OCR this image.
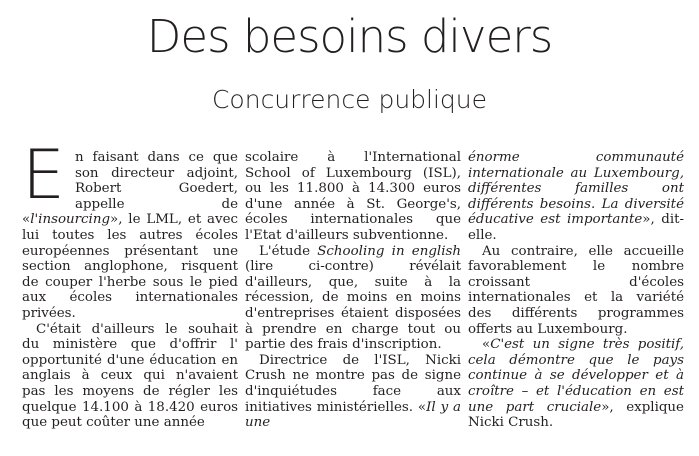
Des besoins divers
Concurrence publique

En faisant dans ce que son directeur adjoint, Robert Goedert, appelle de «l'insourcing», le LML, et avec lui toutes les autres écoles européennes présentant une section anglophone, risquent de couper l'herbe sous le pied aux écoles internationales privées.

C'était d'ailleurs le souhait du ministère que d'offrir l' opportunité d'une éducation en anglais à ceux qui n'avaient pas les moyens de régler les quelque 14.100 à 18.420 euros que peut coûter une année

scolaire à l'International School of Luxembourg (ISL), ou les 11.800 à 14.300 euros d'une année à St. George's, écoles internationales que l'Etat d'ailleurs subventionne.

L'étude Schooling in english (lire ci-contre) révélait d'ailleurs, que, suite à la récession, de moins en moins d'entreprises étaient disposées à prendre en charge tout ou partie des frais d'inscription.

Directrice de l'ISL, Nicki Crush ne montre pas de signe d'inquiétudes face aux initiatives ministérielles. «Il y a une

énorme communauté internationale au Luxembourg, différentes familles ont différents besoins. La diversité éducative est importante», dit-elle.

Au contraire, elle accueille favorablement le nombre croissant d'écoles internationales et la variété des différents programmes offerts au Luxembourg.

«C'est un signe très positif, cela démontre que le pays continue à se développer et à croître – et l'éducation en est une part cruciale», explique Nicki Crush.
